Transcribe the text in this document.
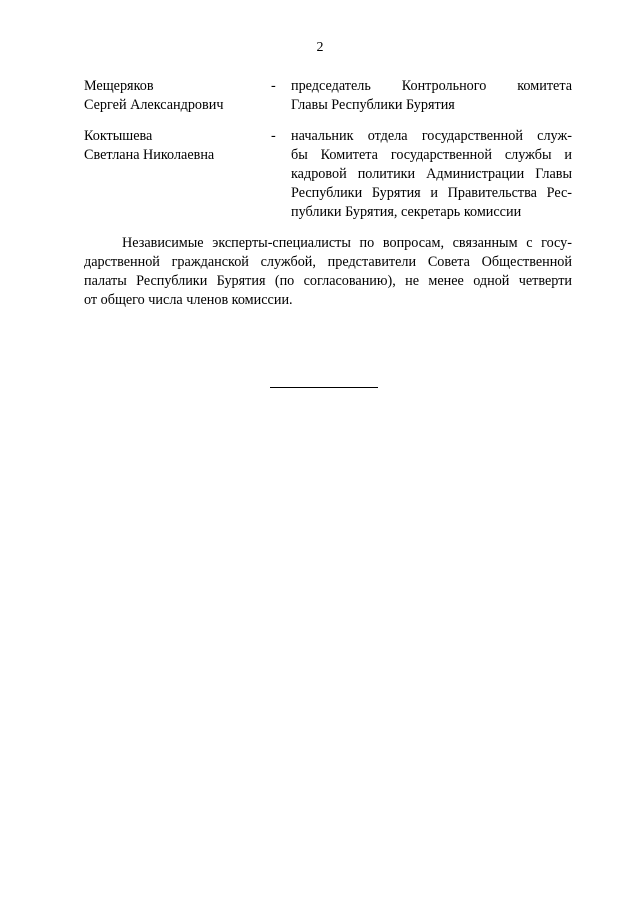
2
Мещеряков
Сергей Александрович
- председатель Контрольного комитета
Главы Республики Бурятия
Коктышева
Светлана Николаевна
- начальник отдела государственной служ-
бы Комитета государственной службы и
кадровой политики Администрации Главы
Республики Бурятия и Правительства Рес-
публики Бурятия, секретарь комиссии
Независимые эксперты-специалисты по вопросам, связанным с госу-
дарственной гражданской службой, представители Совета Общественной
палаты Республики Бурятия (по согласованию), не менее одной четверти
от общего числа членов комиссии.
